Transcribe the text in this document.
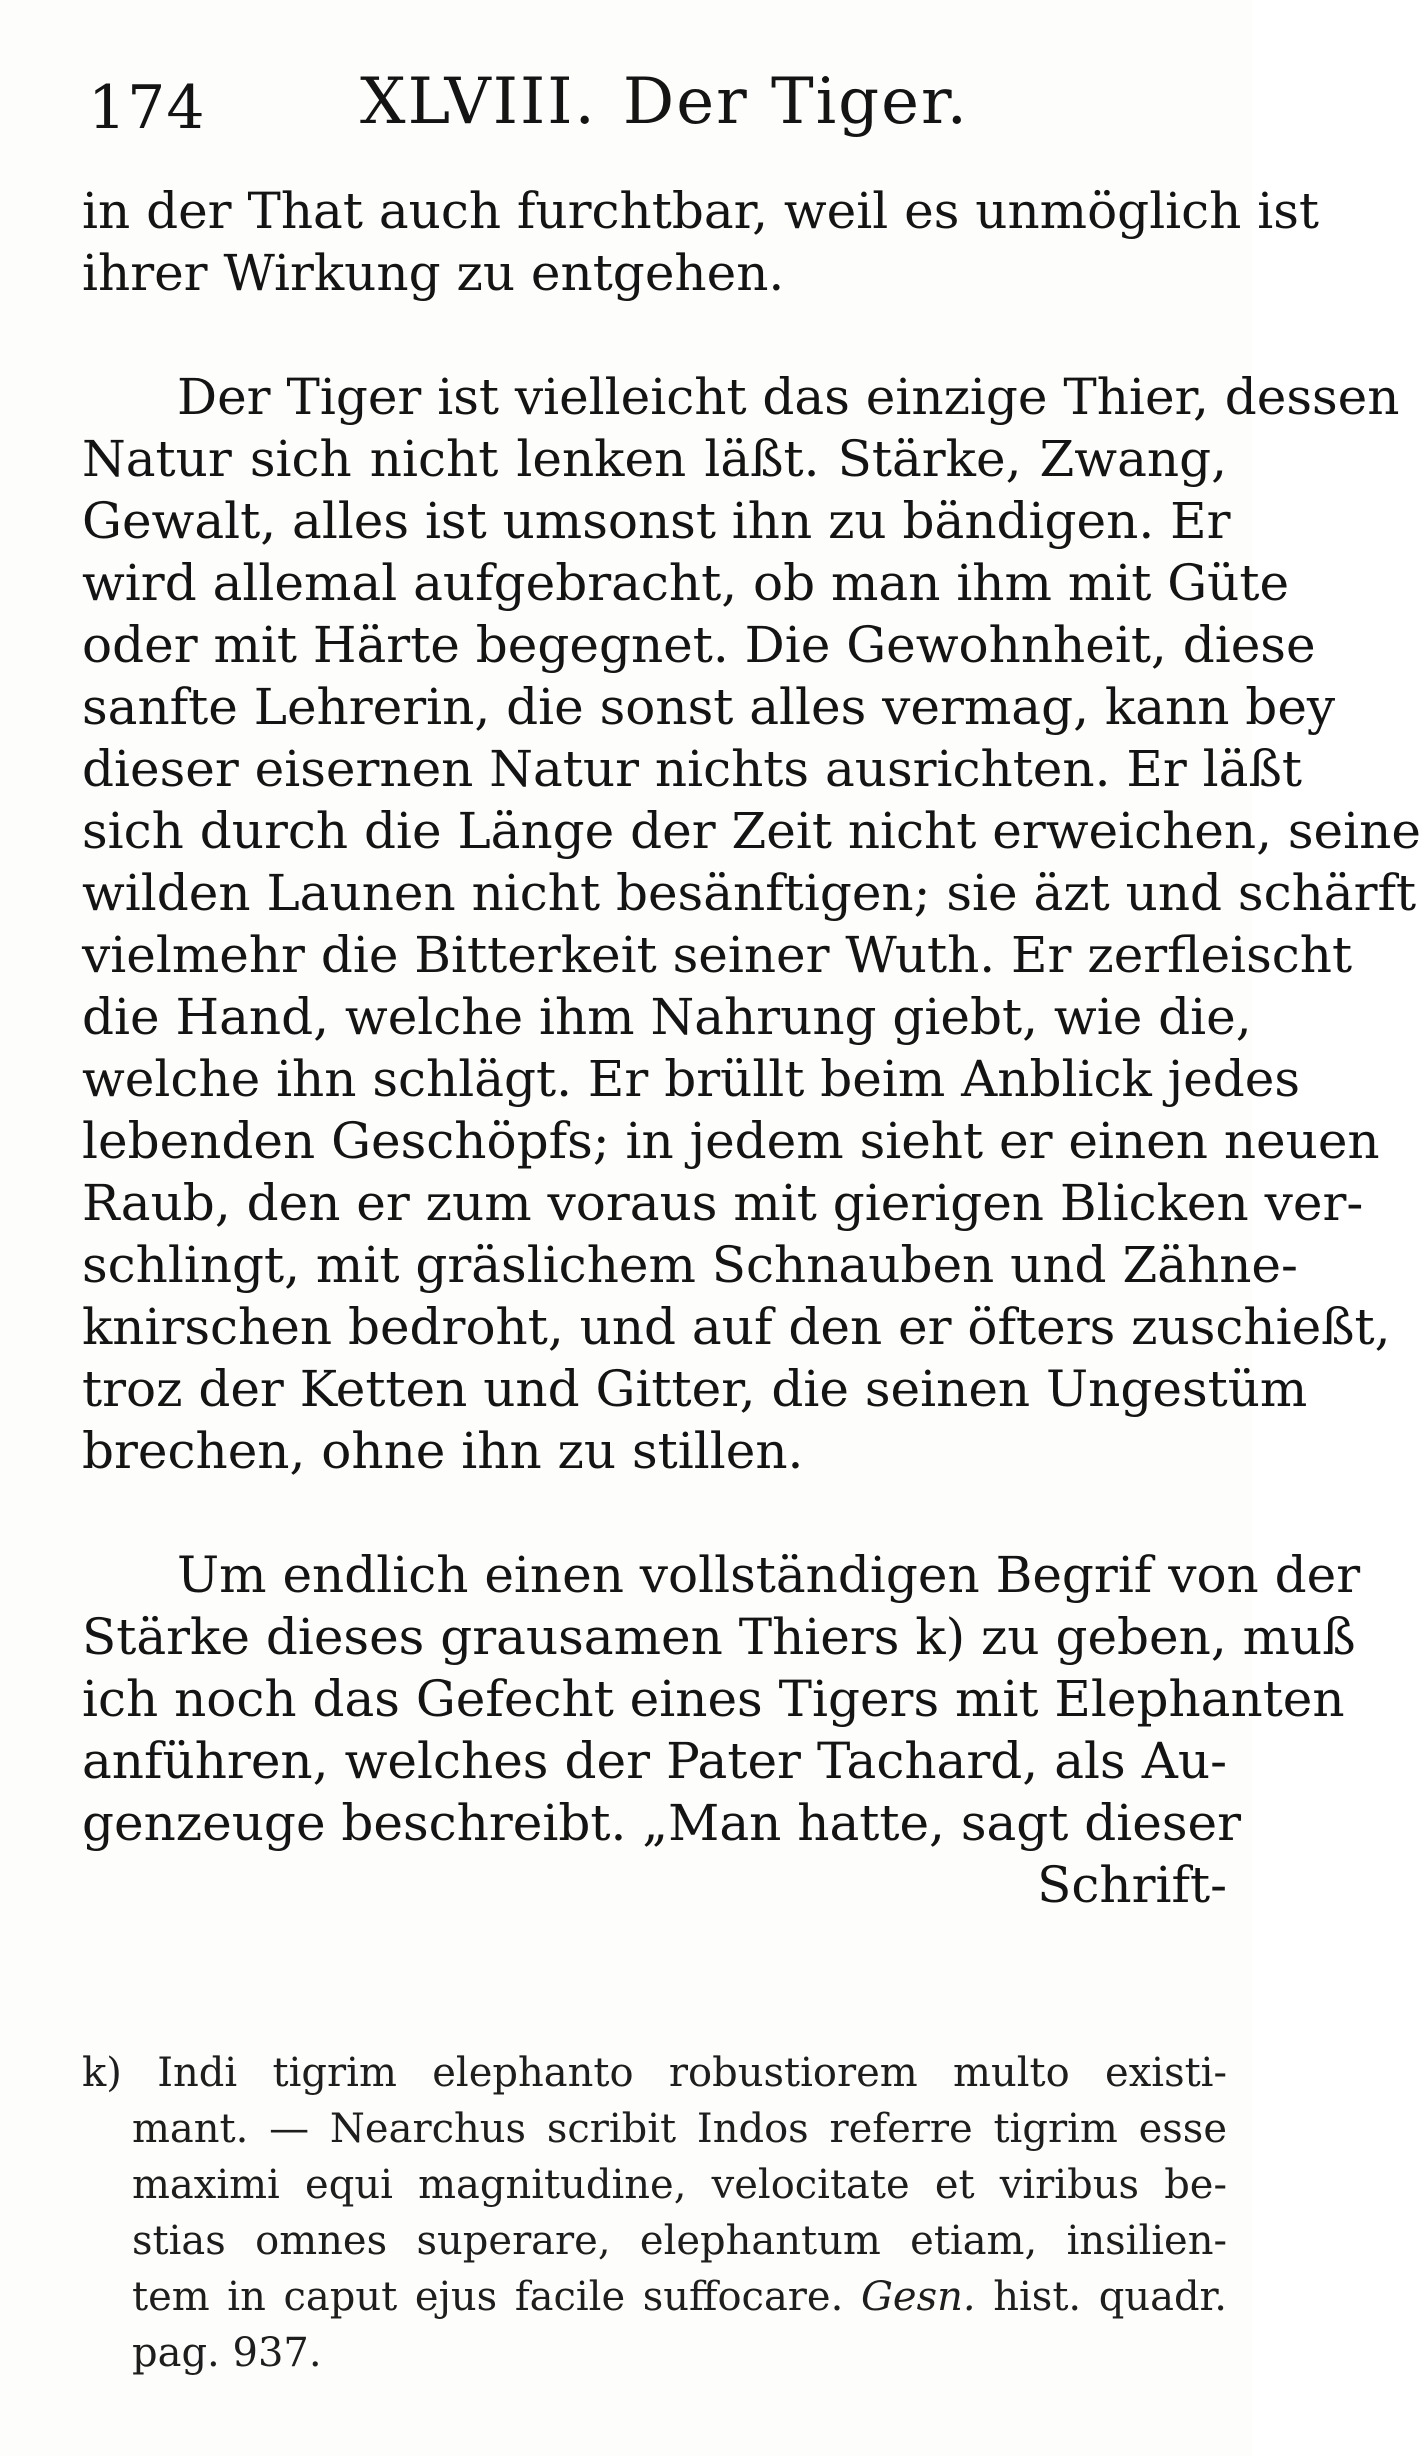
174 XLVIII. Der Tiger.
in der That auch furchtbar, weil es unmöglich ist
ihrer Wirkung zu entgehen.
Der Tiger ist vielleicht das einzige Thier, dessen
Natur sich nicht lenken läßt. Stärke, Zwang,
Gewalt, alles ist umsonst ihn zu bändigen. Er
wird allemal aufgebracht, ob man ihm mit Güte
oder mit Härte begegnet. Die Gewohnheit, diese
sanfte Lehrerin, die sonst alles vermag, kann bey
dieser eisernen Natur nichts ausrichten. Er läßt
sich durch die Länge der Zeit nicht erweichen, seine
wilden Launen nicht besänftigen; sie äzt und schärft
vielmehr die Bitterkeit seiner Wuth. Er zerfleischt
die Hand, welche ihm Nahrung giebt, wie die,
welche ihn schlägt. Er brüllt beim Anblick jedes
lebenden Geschöpfs; in jedem sieht er einen neuen
Raub, den er zum voraus mit gierigen Blicken ver-
schlingt, mit gräslichem Schnauben und Zähne-
knirschen bedroht, und auf den er öfters zuschießt,
troz der Ketten und Gitter, die seinen Ungestüm
brechen, ohne ihn zu stillen.
Um endlich einen vollständigen Begrif von der
Stärke dieses grausamen Thiers k) zu geben, muß
ich noch das Gefecht eines Tigers mit Elephanten
anführen, welches der Pater Tachard, als Au-
genzeuge beschreibt. „Man hatte, sagt dieser
Schrift-
k) Indi tigrim elephanto robustiorem multo existi-
mant. — Nearchus scribit Indos referre tigrim esse
maximi equi magnitudine, velocitate et viribus be-
stias omnes superare, elephantum etiam, insilien-
tem in caput ejus facile suffocare. Gesn. hist. quadr.
pag. 937.
